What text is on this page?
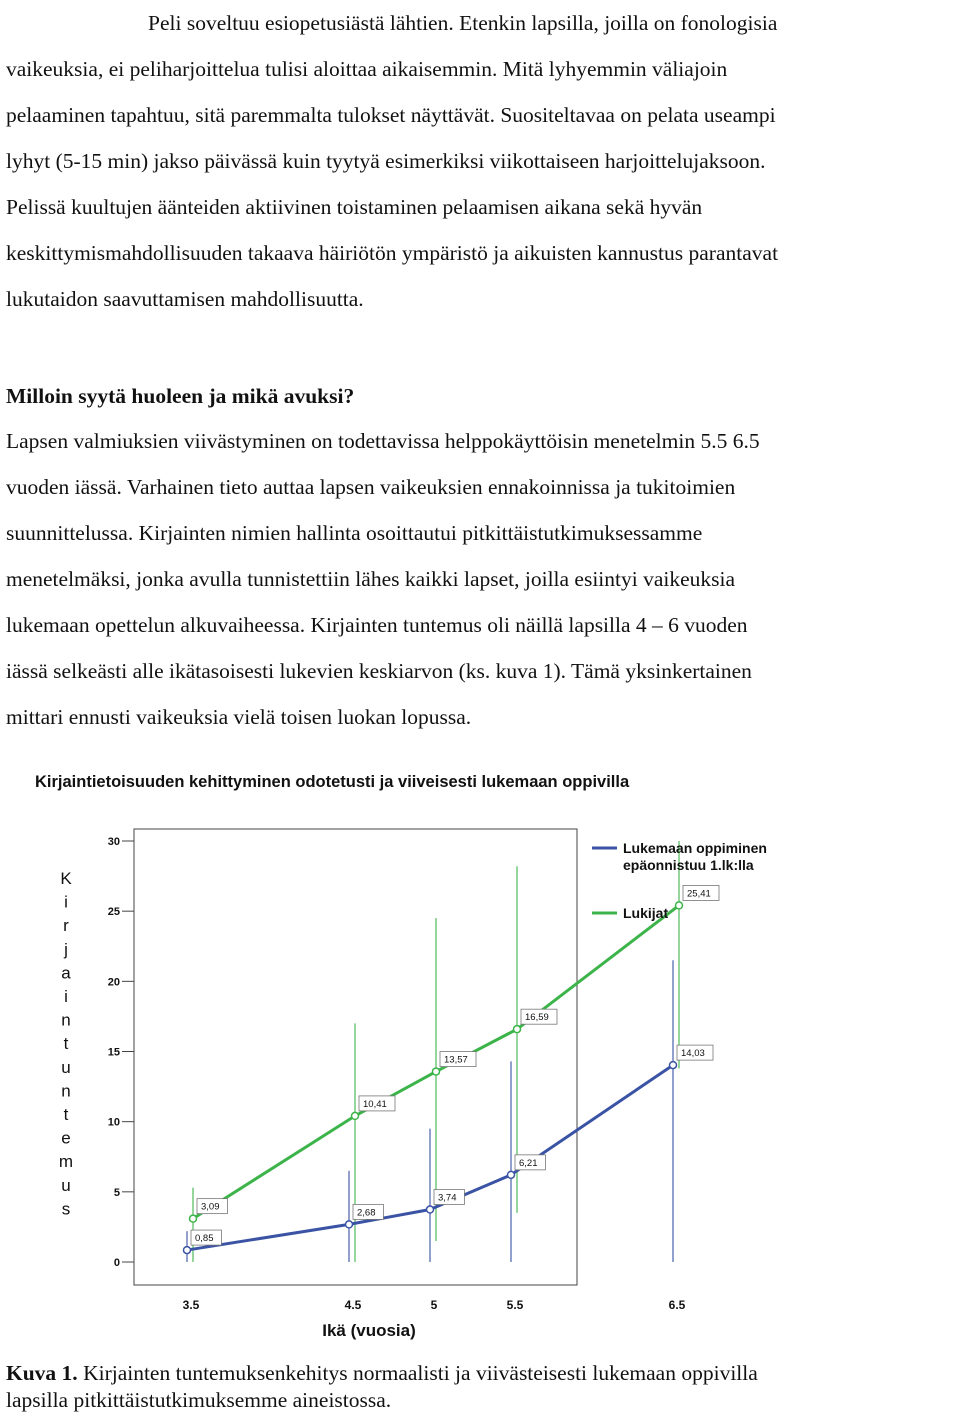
Peli soveltuu esiopetusiästä lähtien. Etenkin lapsilla, joilla on fonologisia
vaikeuksia, ei peliharjoittelua tulisi aloittaa aikaisemmin. Mitä lyhyemmin väliajoin
pelaaminen tapahtuu, sitä paremmalta tulokset näyttävät. Suositeltavaa on pelata useampi
lyhyt (5-15 min) jakso päivässä kuin tyytyä esimerkiksi viikottaiseen harjoittelujaksoon.
Pelissä kuultujen äänteiden aktiivinen toistaminen pelaamisen aikana sekä hyvän
keskittymismahdollisuuden takaava häiriötön ympäristö ja aikuisten kannustus parantavat
lukutaidon saavuttamisen mahdollisuutta.
Milloin syytä huoleen ja mikä avuksi?
Lapsen valmiuksien viivästyminen on todettavissa helppokäyttöisin menetelmin 5.5 6.5
vuoden iässä. Varhainen tieto auttaa lapsen vaikeuksien ennakoinnissa ja tukitoimien
suunnittelussa. Kirjainten nimien hallinta osoittautui pitkittäistutkimuksessamme
menetelmäksi, jonka avulla tunnistettiin lähes kaikki lapset, joilla esiintyi vaikeuksia
lukemaan opettelun alkuvaiheessa. Kirjainten tuntemus oli näillä lapsilla 4 – 6 vuoden
iässä selkeästi alle ikätasoisesti lukevien keskiarvon (ks. kuva 1). Tämä yksinkertainen
mittari ennusti vaikeuksia vielä toisen luokan lopussa.
Kirjaintietoisuuden kehittyminen odotetusti ja viiveisesti lukemaan oppivilla
0
5
10
15
20
25
30
3.5	4.5	5	5.5	6.5
K
i
r
j
a
i
n
t
u
n
t
e
m
u
s
Ikä (vuosia)
0,85
2,68
3,74
6,21
14,03
3,09
10,41
13,57
16,59
25,41
Lukemaan oppiminen
epäonnistuu 1.lk:lla
Lukijat
Kuva 1. Kirjainten tuntemuksenkehitys normaalisti ja viivästeisesti lukemaan oppivilla
lapsilla pitkittäistutkimuksemme aineistossa.
